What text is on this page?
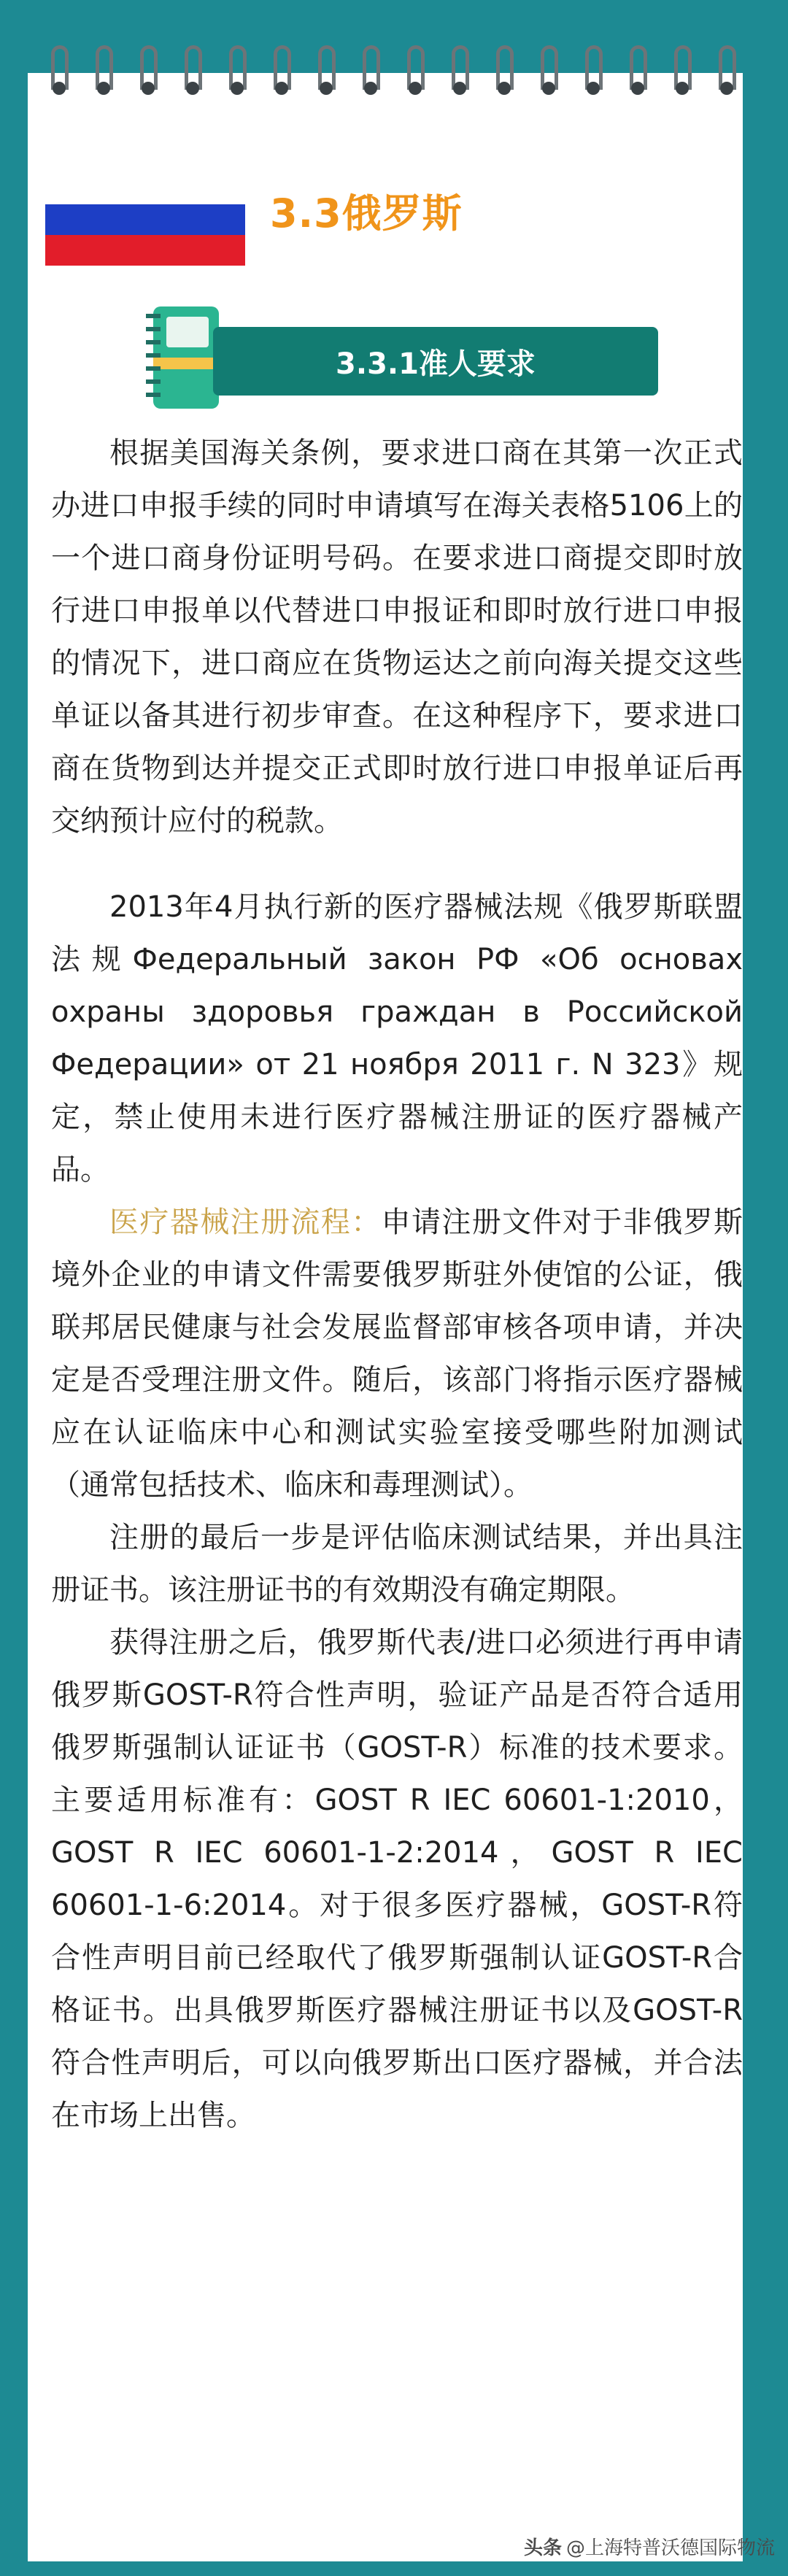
3.3俄罗斯
3.3.1准人要求

根据美国海关条例，要求进口商在其第一次正式办进口申报手续的同时申请填写在海关表格5106上的一个进口商身份证明号码。在要求进口商提交即时放行进口申报单以代替进口申报证和即时放行进口申报的情况下，进口商应在货物运达之前向海关提交这些单证以备其进行初步审查。在这种程序下，要求进口商在货物到达并提交正式即时放行进口申报单证后再交纳预计应付的税款。

2013年4月执行新的医疗器械法规《俄罗斯联盟法规Федеральный закон РФ «Об основах охраны здоровья граждан в Российской Федерации» от 21 ноября 2011 г. N 323》规定，禁止使用未进行医疗器械注册证的医疗器械产品。

医疗器械注册流程：申请注册文件对于非俄罗斯境外企业的申请文件需要俄罗斯驻外使馆的公证，俄联邦居民健康与社会发展监督部审核各项申请，并决定是否受理注册文件。随后，该部门将指示医疗器械应在认证临床中心和测试实验室接受哪些附加测试（通常包括技术、临床和毒理测试）。

注册的最后一步是评估临床测试结果，并出具注册证书。该注册证书的有效期没有确定期限。

获得注册之后，俄罗斯代表/进口必须进行再申请俄罗斯GOST-R符合性声明，验证产品是否符合适用俄罗斯强制认证证书（GOST-R）标准的技术要求。主要适用标准有：GOST R IEC 60601-1:2010，GOST R IEC 60601-1-2:2014，GOST R IEC 60601-1-6:2014。对于很多医疗器械，GOST-R符合性声明目前已经取代了俄罗斯强制认证GOST-R合格证书。出具俄罗斯医疗器械注册证书以及GOST-R符合性声明后，可以向俄罗斯出口医疗器械，并合法在市场上出售。

头条 @上海特普沃德国际物流
